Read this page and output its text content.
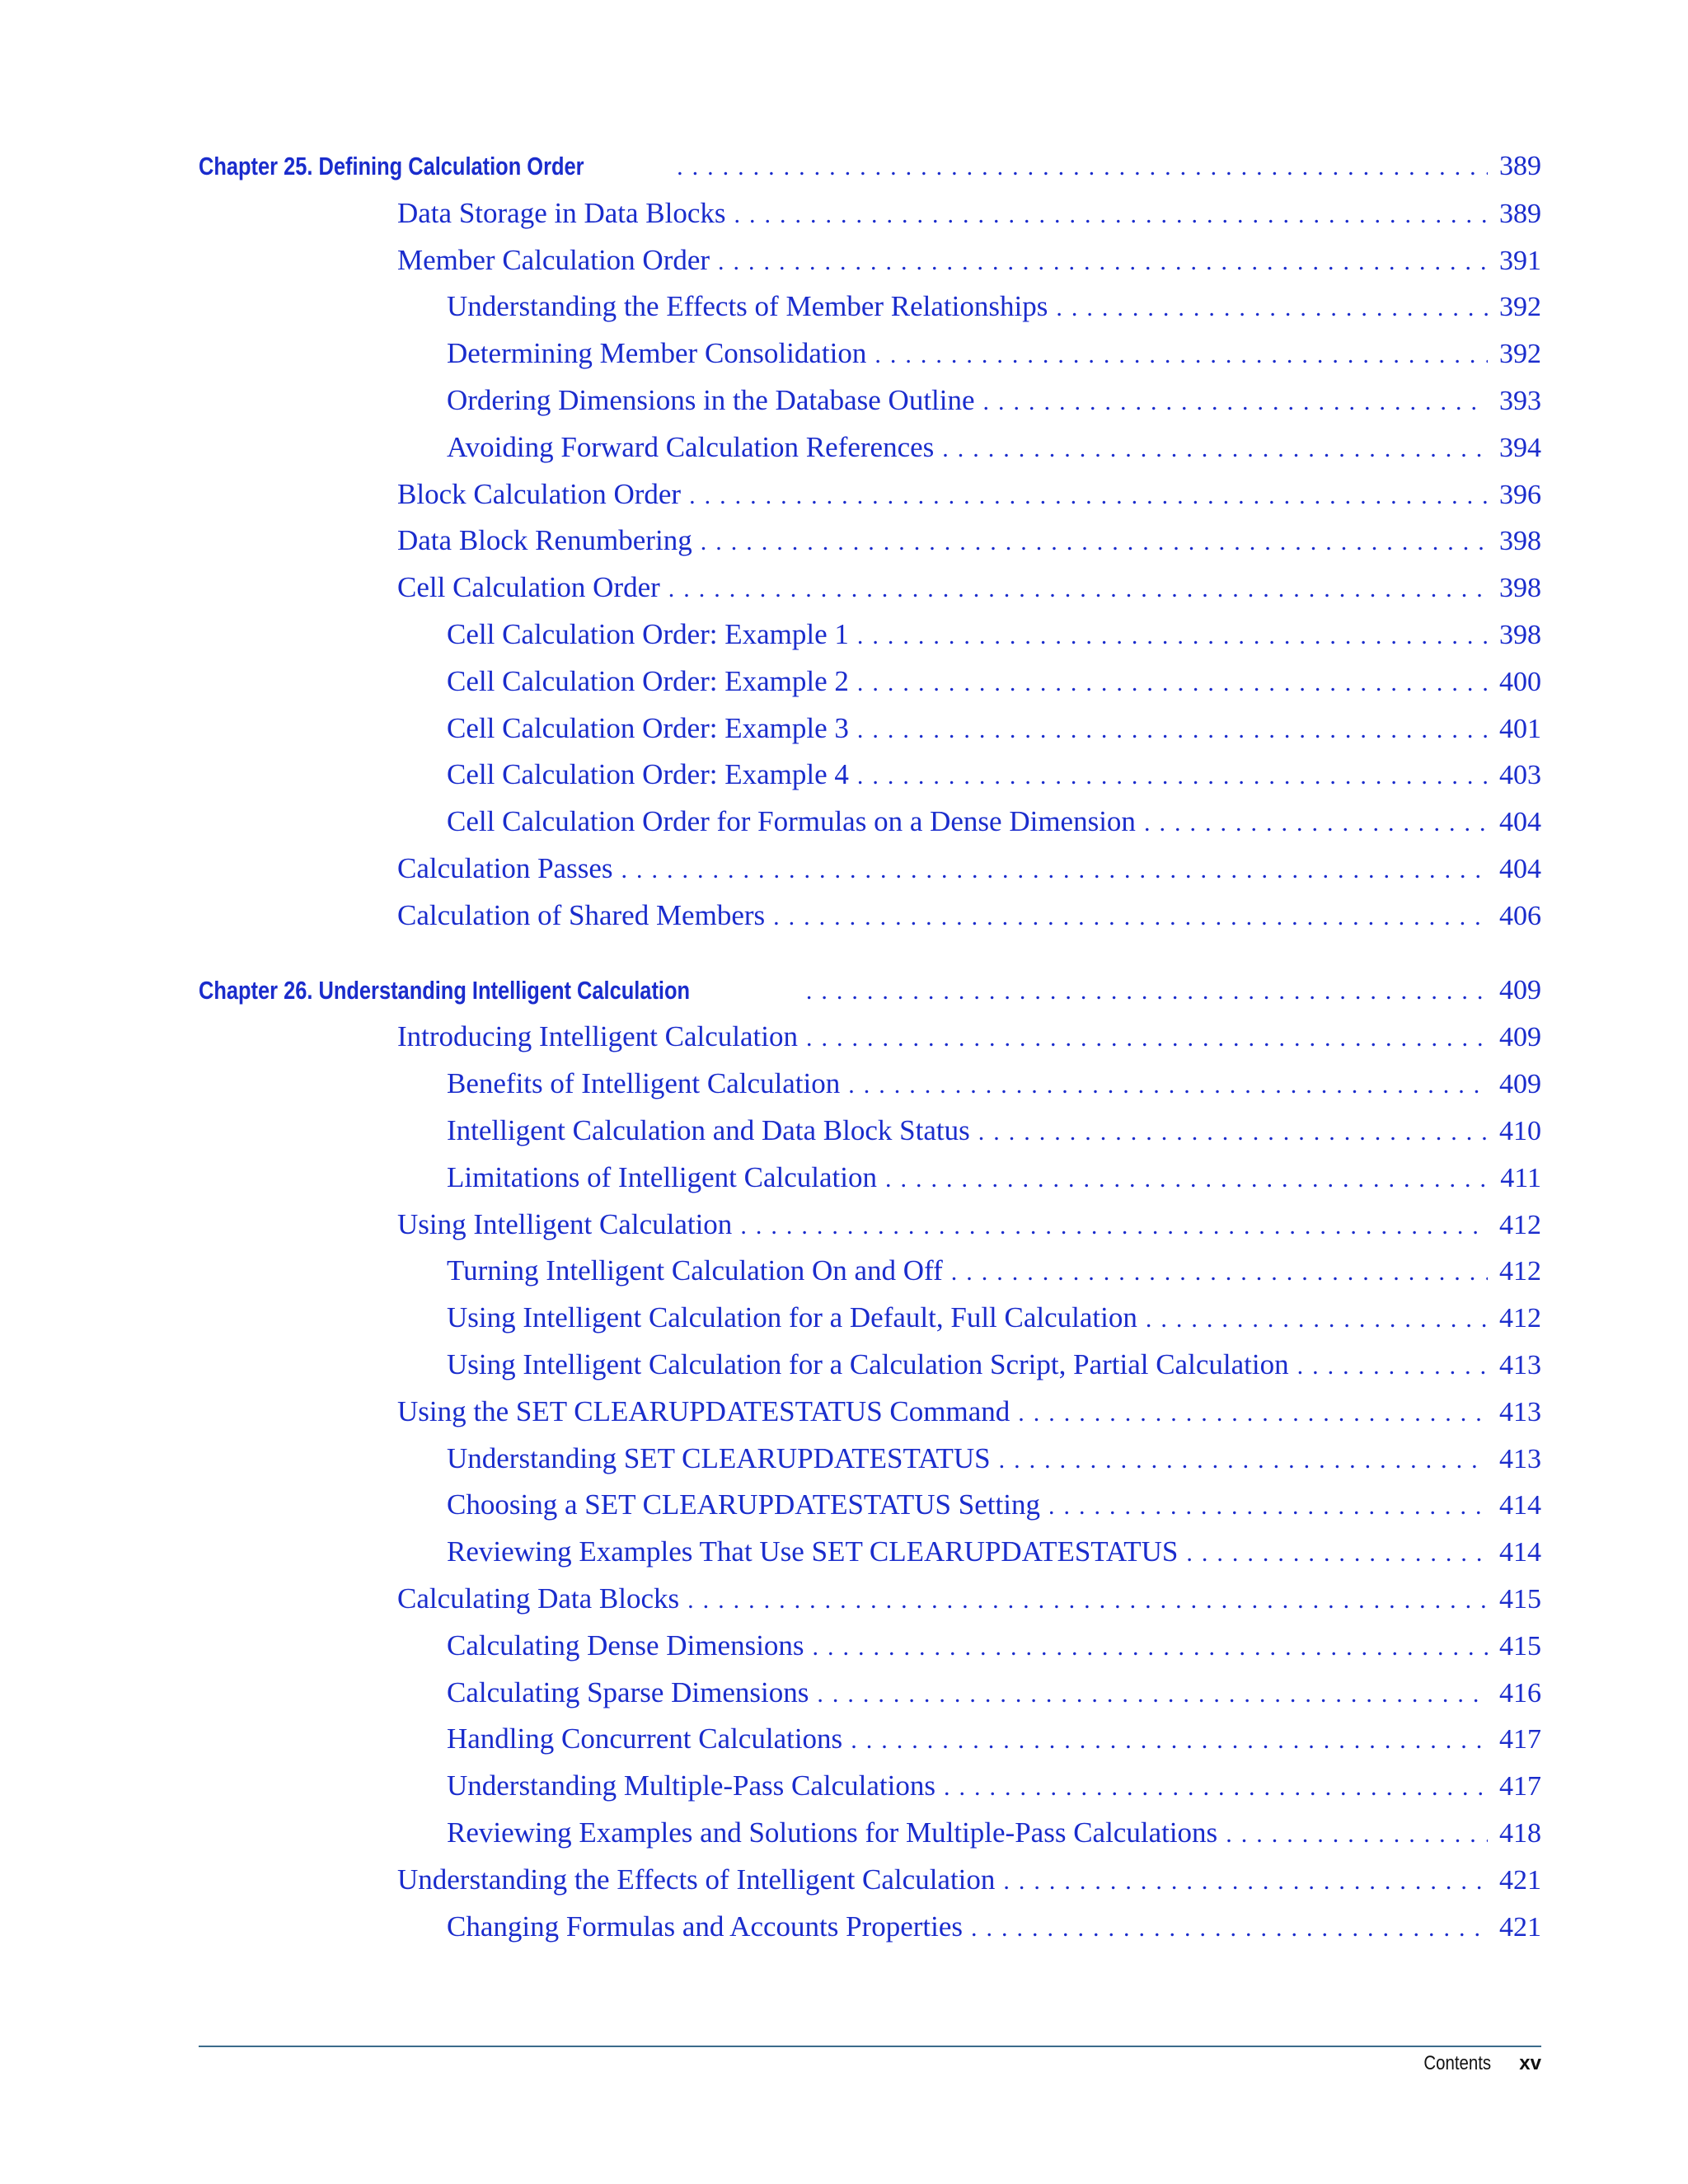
Chapter 25. Defining Calculation Order .....	389
Data Storage in Data Blocks .....	389
Member Calculation Order .....	391
Understanding the Effects of Member Relationships .....	392
Determining Member Consolidation .....	392
Ordering Dimensions in the Database Outline .....	393
Avoiding Forward Calculation References .....	394
Block Calculation Order .....	396
Data Block Renumbering .....	398
Cell Calculation Order .....	398
Cell Calculation Order: Example 1 .....	398
Cell Calculation Order: Example 2 .....	400
Cell Calculation Order: Example 3 .....	401
Cell Calculation Order: Example 4 .....	403
Cell Calculation Order for Formulas on a Dense Dimension .....	404
Calculation Passes .....	404
Calculation of Shared Members .....	406
Chapter 26. Understanding Intelligent Calculation .....	409
Introducing Intelligent Calculation .....	409
Benefits of Intelligent Calculation .....	409
Intelligent Calculation and Data Block Status .....	410
Limitations of Intelligent Calculation .....	411
Using Intelligent Calculation .....	412
Turning Intelligent Calculation On and Off .....	412
Using Intelligent Calculation for a Default, Full Calculation .....	412
Using Intelligent Calculation for a Calculation Script, Partial Calculation .....	413
Using the SET CLEARUPDATESTATUS Command .....	413
Understanding SET CLEARUPDATESTATUS .....	413
Choosing a SET CLEARUPDATESTATUS Setting .....	414
Reviewing Examples That Use SET CLEARUPDATESTATUS .....	414
Calculating Data Blocks .....	415
Calculating Dense Dimensions .....	415
Calculating Sparse Dimensions .....	416
Handling Concurrent Calculations .....	417
Understanding Multiple-Pass Calculations .....	417
Reviewing Examples and Solutions for Multiple-Pass Calculations .....	418
Understanding the Effects of Intelligent Calculation .....	421
Changing Formulas and Accounts Properties .....	421
Contents xv
